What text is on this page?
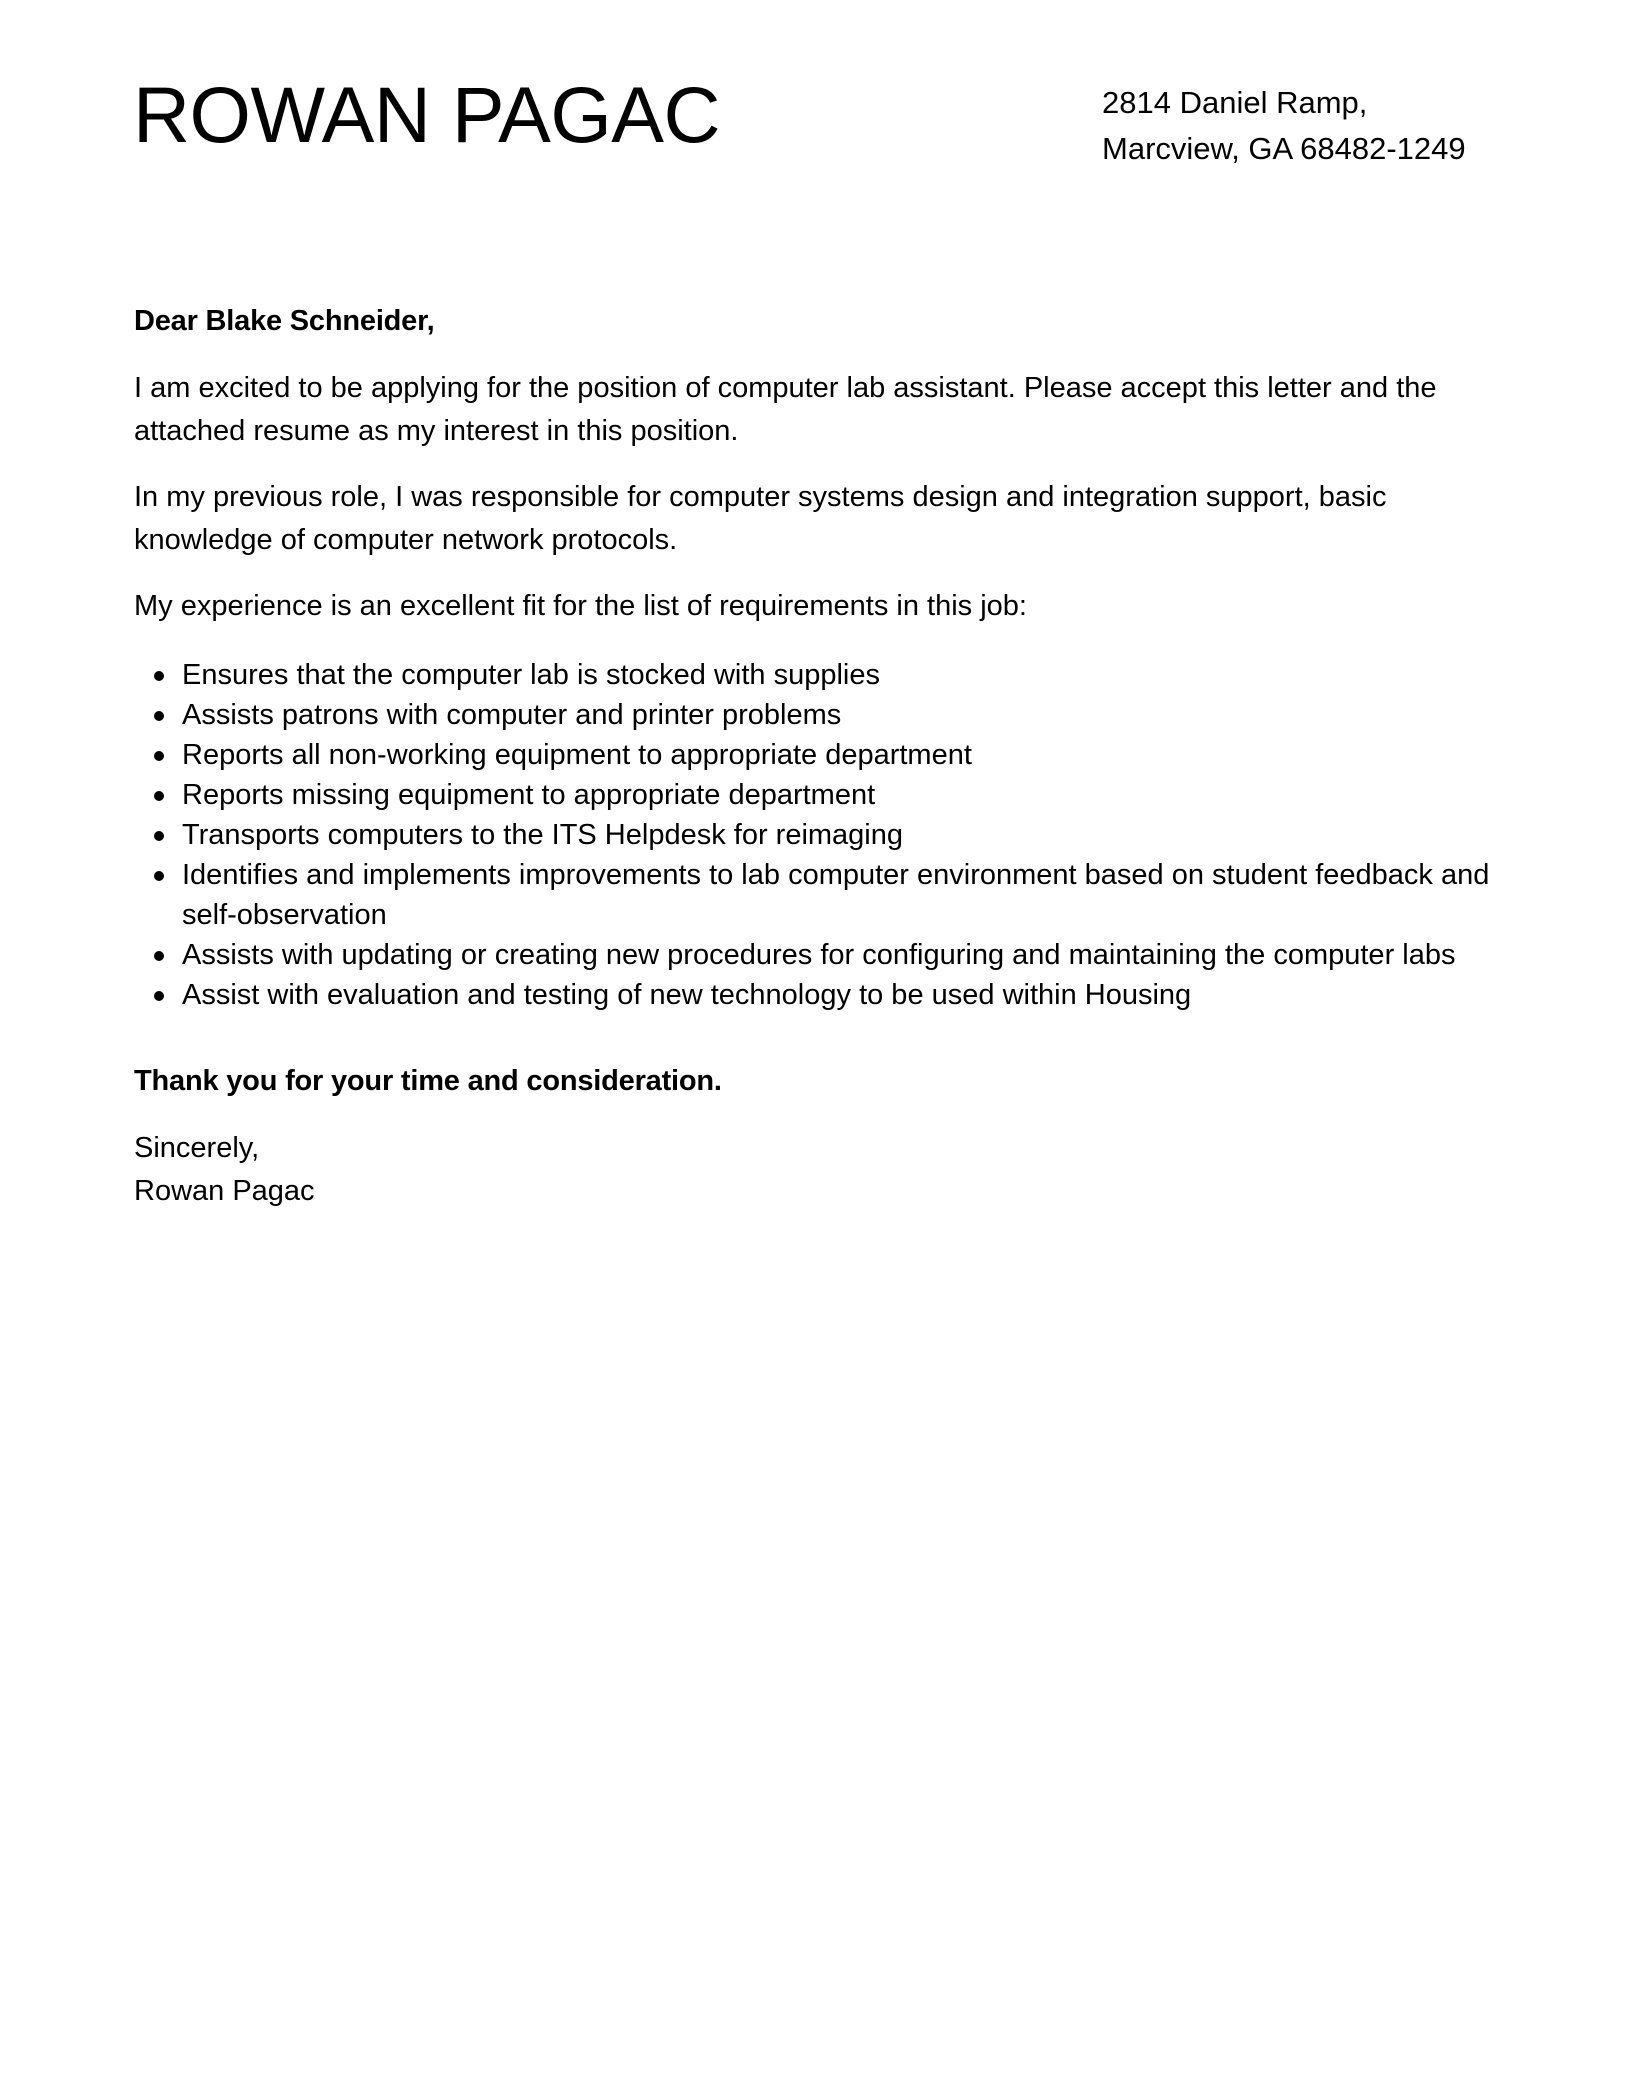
ROWAN PAGAC	2814 Daniel Ramp,
Marcview, GA 68482-1249

Dear Blake Schneider,

I am excited to be applying for the position of computer lab assistant. Please accept this letter and the attached resume as my interest in this position.

In my previous role, I was responsible for computer systems design and integration support, basic knowledge of computer network protocols.

My experience is an excellent fit for the list of requirements in this job:

Ensures that the computer lab is stocked with supplies
Assists patrons with computer and printer problems
Reports all non-working equipment to appropriate department
Reports missing equipment to appropriate department
Transports computers to the ITS Helpdesk for reimaging
Identifies and implements improvements to lab computer environment based on student feedback and self-observation
Assists with updating or creating new procedures for configuring and maintaining the computer labs
Assist with evaluation and testing of new technology to be used within Housing

Thank you for your time and consideration.

Sincerely,
Rowan Pagac
